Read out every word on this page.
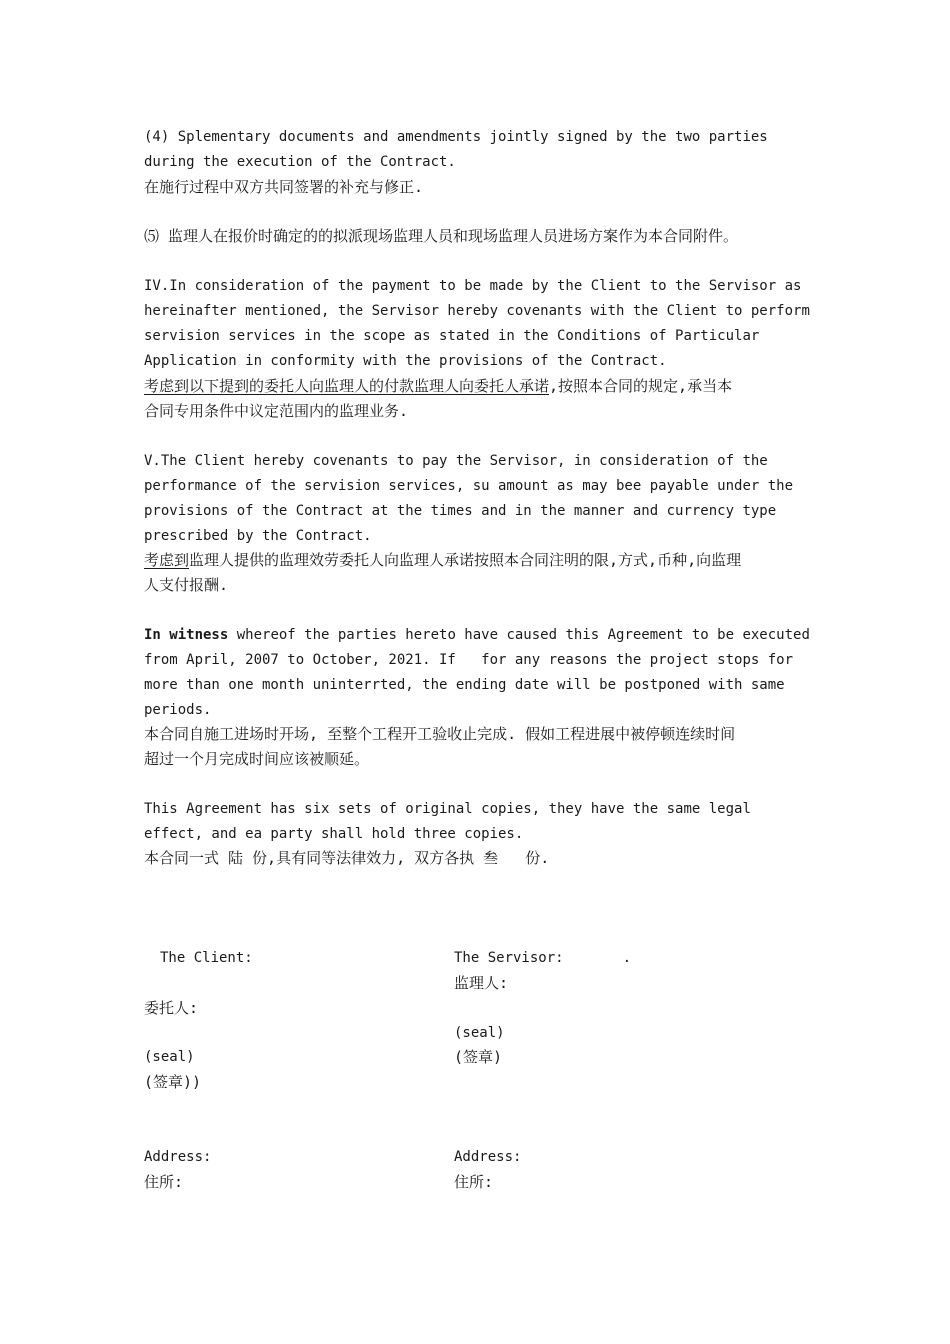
(4) Splementary documents and amendments jointly signed by the two parties
during the execution of the Contract.
在施行过程中双方共同签署的补充与修正.
⑸ 监理人在报价时确定的的拟派现场监理人员和现场监理人员进场方案作为本合同附件。
IV.In consideration of the payment to be made by the Client to the Servisor as
hereinafter mentioned, the Servisor hereby covenants with the Client to perform
servision services in the scope as stated in the Conditions of Particular
Application in conformity with the provisions of the Contract.
考虑到以下提到的委托人向监理人的付款监理人向委托人承诺,按照本合同的规定,承当本
合同专用条件中议定范围内的监理业务.
V.The Client hereby covenants to pay the Servisor, in consideration of the
performance of the servision services, su amount as may bee payable under the
provisions of the Contract at the times and in the manner and currency type
prescribed by the Contract.
考虑到监理人提供的监理效劳委托人向监理人承诺按照本合同注明的限,方式,币种,向监理
人支付报酬.
In witness whereof the parties hereto have caused this Agreement to be executed
from April, 2007 to October, 2021. If   for any reasons the project stops for
more than one month uninterrted, the ending date will be postponed with same
periods.
本合同自施工进场时开场, 至整个工程开工验收止完成. 假如工程进展中被停顿连续时间
超过一个月完成时间应该被顺延。
This Agreement has six sets of original copies, they have the same legal
effect, and ea party shall hold three copies.
本合同一式 陆 份,具有同等法律效力, 双方各执 叁   份.
The Client:
委托人:
(seal)
(签章))
The Servisor:       .
监理人:
(seal)
(签章)
Address:
住所:
Address:
住所:
